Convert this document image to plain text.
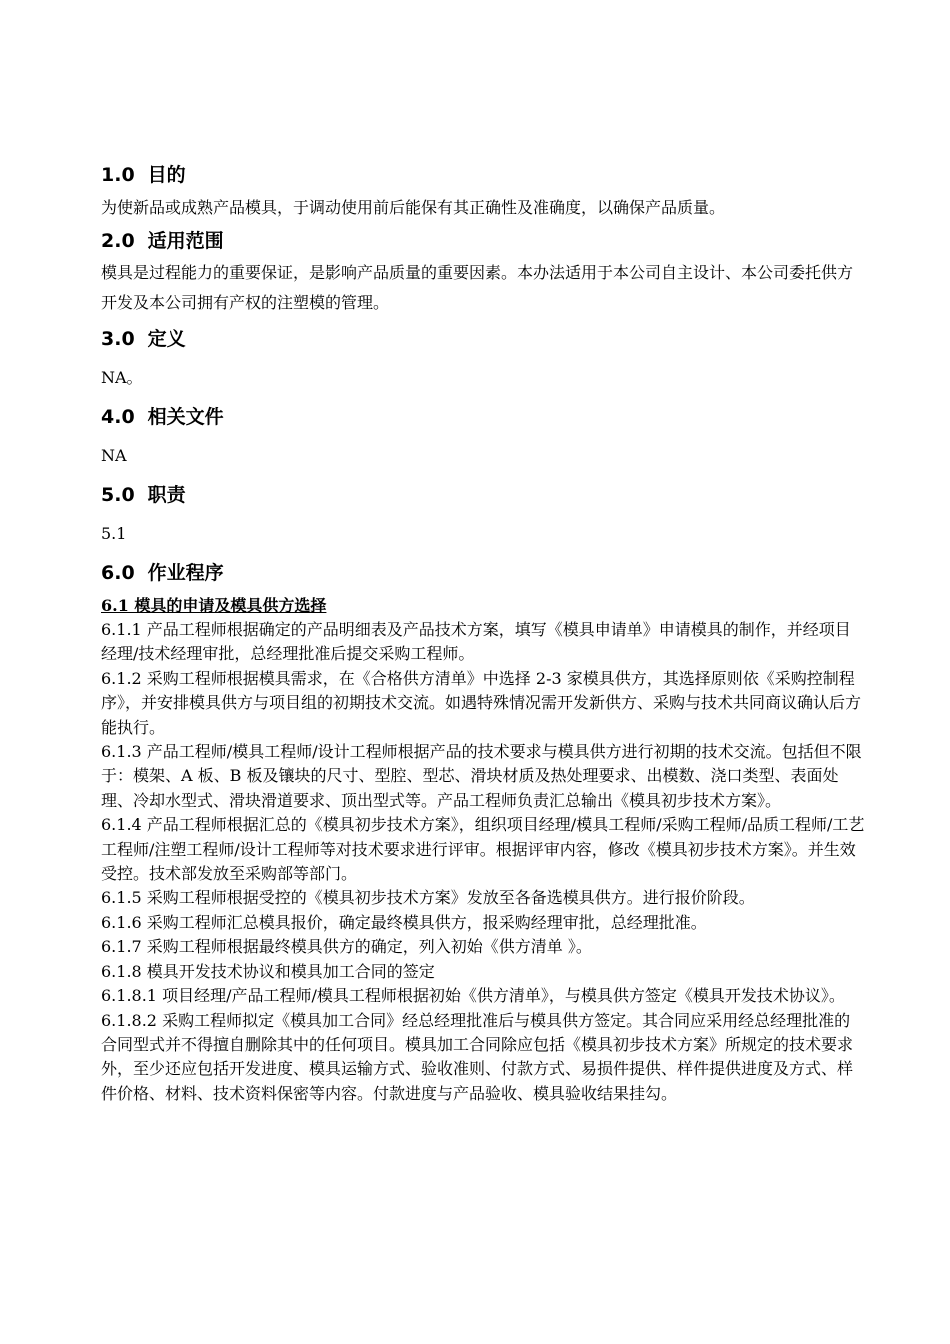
1.0 目的

为使新品或成熟产品模具，于调动使用前后能保有其正确性及准确度，以确保产品质量。

2.0 适用范围

模具是过程能力的重要保证，是影响产品质量的重要因素。本办法适用于本公司自主设计、本公司委托供方开发及本公司拥有产权的注塑模的管理。

3.0 定义

NA。

4.0 相关文件

NA

5.0 职责

5.1

6.0 作业程序

6.1 模具的申请及模具供方选择

6.1.1 产品工程师根据确定的产品明细表及产品技术方案，填写《模具申请单》申请模具的制作，并经项目经理/技术经理审批，总经理批准后提交采购工程师。

6.1.2 采购工程师根据模具需求，在《合格供方清单》中选择 2-3 家模具供方，其选择原则依《采购控制程序》，并安排模具供方与项目组的初期技术交流。如遇特殊情况需开发新供方、采购与技术共同商议确认后方能执行。

6.1.3 产品工程师/模具工程师/设计工程师根据产品的技术要求与模具供方进行初期的技术交流。包括但不限于：模架、A 板、B 板及镶块的尺寸、型腔、型芯、滑块材质及热处理要求、出模数、浇口类型、表面处理、冷却水型式、滑块滑道要求、顶出型式等。产品工程师负责汇总输出《模具初步技术方案》。

6.1.4 产品工程师根据汇总的《模具初步技术方案》，组织项目经理/模具工程师/采购工程师/品质工程师/工艺工程师/注塑工程师/设计工程师等对技术要求进行评审。根据评审内容，修改《模具初步技术方案》。并生效受控。技术部发放至采购部等部门。

6.1.5 采购工程师根据受控的《模具初步技术方案》发放至各备选模具供方。进行报价阶段。

6.1.6 采购工程师汇总模具报价，确定最终模具供方，报采购经理审批，总经理批准。

6.1.7 采购工程师根据最终模具供方的确定，列入初始《供方清单 》。

6.1.8 模具开发技术协议和模具加工合同的签定

6.1.8.1 项目经理/产品工程师/模具工程师根据初始《供方清单》，与模具供方签定《模具开发技术协议》。

6.1.8.2 采购工程师拟定《模具加工合同》经总经理批准后与模具供方签定。其合同应采用经总经理批准的合同型式并不得擅自删除其中的任何项目。模具加工合同除应包括《模具初步技术方案》所规定的技术要求外，至少还应包括开发进度、模具运输方式、验收准则、付款方式、易损件提供、样件提供进度及方式、样件价格、材料、技术资料保密等内容。付款进度与产品验收、模具验收结果挂勾。
